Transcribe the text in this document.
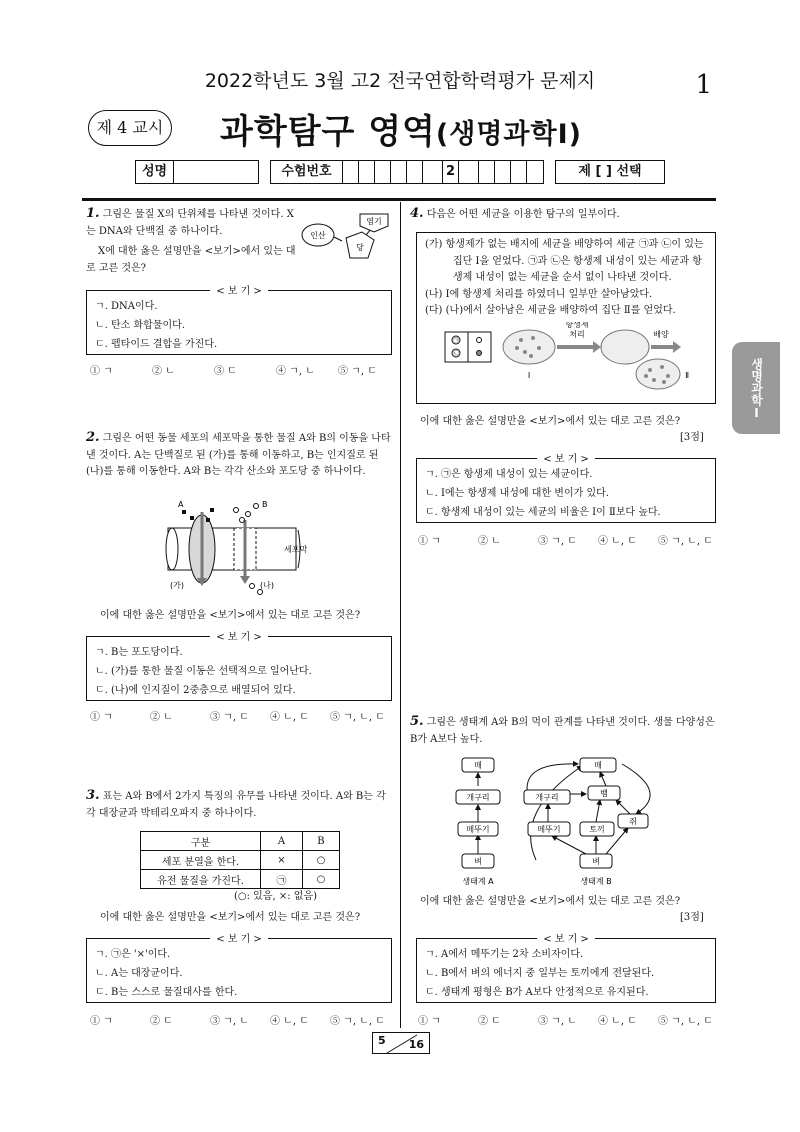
2022학년도 3월 고2 전국연합학력평가 문제지	1
제 4 교시 과학탐구 영역(생명과학Ⅰ)
성명	수험번호	2	제 [ ] 선택
생명과학Ⅰ
1. 그림은 물질 X의 단위체를 나타낸 것이다. X는 DNA와 단백질 중 하나이다.
X에 대한 옳은 설명만을 <보기>에서 있는 대로 고른 것은?
인산
염기
당
< 보 기 >
ㄱ. DNA이다.
ㄴ. 탄소 화합물이다.
ㄷ. 펩타이드 결합을 가진다.
① ㄱ	② ㄴ	③ ㄷ	④ ㄱ, ㄴ	⑤ ㄱ, ㄷ
2. 그림은 어떤 동물 세포의 세포막을 통한 물질 A와 B의 이동을 나타낸 것이다. A는 단백질로 된 (가)를 통해 이동하고, B는 인지질로 된 (나)를 통해 이동한다. A와 B는 각각 산소와 포도당 중 하나이다.
A	B
세포막
(가)	(나)
이에 대한 옳은 설명만을 <보기>에서 있는 대로 고른 것은?
< 보 기 >
ㄱ. B는 포도당이다.
ㄴ. (가)를 통한 물질 이동은 선택적으로 일어난다.
ㄷ. (나)에 인지질이 2중층으로 배열되어 있다.
① ㄱ	② ㄴ	③ ㄱ, ㄷ	④ ㄴ, ㄷ	⑤ ㄱ, ㄴ, ㄷ
3. 표는 A와 B에서 2가지 특징의 유무를 나타낸 것이다. A와 B는 각각 대장균과 박테리오파지 중 하나이다.
구분	A	B
세포 분열을 한다.	×	○
유전 물질을 가진다.	㉠	○
(○: 있음, ×: 없음)
이에 대한 옳은 설명만을 <보기>에서 있는 대로 고른 것은?
< 보 기 >
ㄱ. ㉠은 '×'이다.
ㄴ. A는 대장균이다.
ㄷ. B는 스스로 물질대사를 한다.
① ㄱ	② ㄷ	③ ㄱ, ㄴ	④ ㄴ, ㄷ	⑤ ㄱ, ㄴ, ㄷ
4. 다음은 어떤 세균을 이용한 탐구의 일부이다.
(가) 항생제가 없는 배지에 세균을 배양하여 세균 ㉠과 ㉡이 있는 집단 Ⅰ을 얻었다. ㉠과 ㉡은 항생제 내성이 있는 세균과 항생제 내성이 없는 세균을 순서 없이 나타낸 것이다.
(나) Ⅰ에 항생제 처리를 하였더니 일부만 살아남았다.
(다) (나)에서 살아남은 세균을 배양하여 집단 Ⅱ를 얻었다.
㉠
㉡
항생제
처리	배양
Ⅰ	Ⅱ
이에 대한 옳은 설명만을 <보기>에서 있는 대로 고른 것은?
[3점]
< 보 기 >
ㄱ. ㉠은 항생제 내성이 있는 세균이다.
ㄴ. Ⅰ에는 항생제 내성에 대한 변이가 있다.
ㄷ. 항생제 내성이 있는 세균의 비율은 Ⅰ이 Ⅱ보다 높다.
① ㄱ	② ㄴ	③ ㄱ, ㄷ	④ ㄴ, ㄷ	⑤ ㄱ, ㄴ, ㄷ
5. 그림은 생태계 A와 B의 먹이 관계를 나타낸 것이다. 생물 다양성은 B가 A보다 높다.
매
개구리
메뚜기
벼
생태계 A
매
개구리	뱀
메뚜기	토끼
쥐
벼
생태계 B
이에 대한 옳은 설명만을 <보기>에서 있는 대로 고른 것은?
[3점]
< 보 기 >
ㄱ. A에서 메뚜기는 2차 소비자이다.
ㄴ. B에서 벼의 에너지 중 일부는 토끼에게 전달된다.
ㄷ. 생태계 평형은 B가 A보다 안정적으로 유지된다.
① ㄱ	② ㄷ	③ ㄱ, ㄴ	④ ㄴ, ㄷ	⑤ ㄱ, ㄴ, ㄷ
5 16
